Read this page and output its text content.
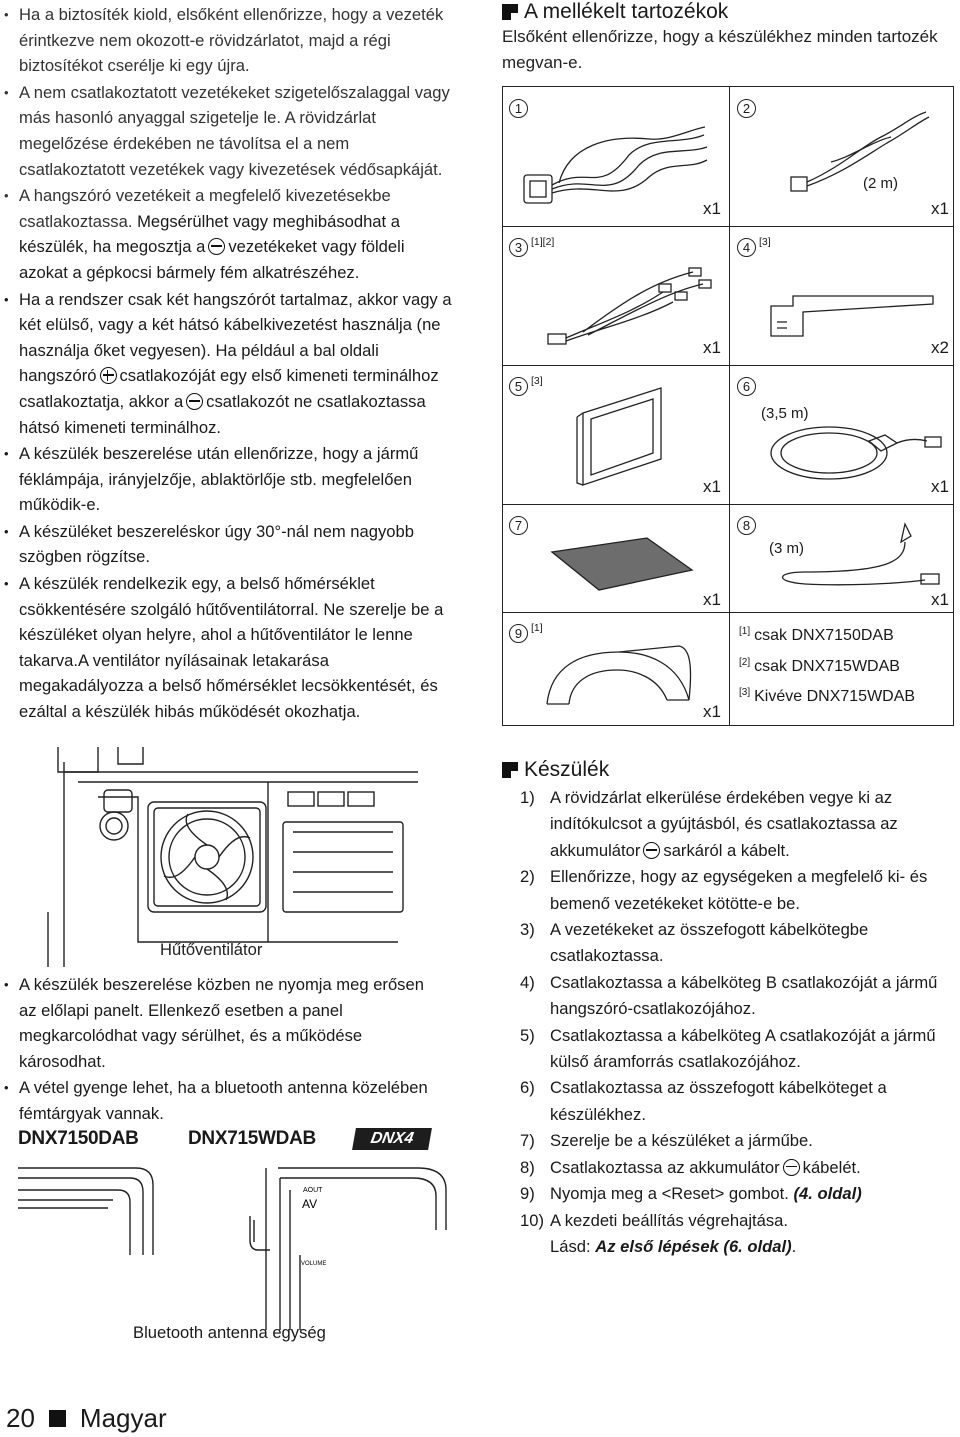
• Ha a biztosíték kiold, elsőként ellenőrizze, hogy a vezeték érintkezve nem okozott-e rövidzárlatot, majd a régi biztosítékot cserélje ki egy újra.
• A nem csatlakoztatott vezetékeket szigetelőszalaggal vagy más hasonló anyaggal szigetelje le. A rövidzárlat megelőzése érdekében ne távolítsa el a nem csatlakoztatott vezetékek vagy kivezetések védősapkáját.
• A hangszóró vezetékeit a megfelelő kivezetésekbe csatlakoztassa. Megsérülhet vagy meghibásodhat a készülék, ha megosztja a vezetékeket vagy földeli azokat a gépkocsi bármely fém alkatrészéhez.
• Ha a rendszer csak két hangszórót tartalmaz, akkor vagy a két elülső, vagy a két hátsó kábelkivezetést használja (ne használja őket vegyesen). Ha például a bal oldali hangszóró csatlakozóját egy első kimeneti terminálhoz csatlakoztatja, akkor a csatlakozót ne csatlakoztassa hátsó kimeneti terminálhoz.
• A készülék beszerelése után ellenőrizze, hogy a jármű féklámpája, irányjelzője, ablaktörlője stb. megfelelően működik-e.
• A készüléket beszereléskor úgy 30°-nál nem nagyobb szögben rögzítse.
• A készülék rendelkezik egy, a belső hőmérséklet csökkentésére szolgáló hűtőventilátorral. Ne szerelje be a készüléket olyan helyre, ahol a hűtőventilátor le lenne takarva.A ventilátor nyílásainak letakarása megakadályozza a belső hőmérséklet lecsökkentését, és ezáltal a készülék hibás működését okozhatja.
Hűtőventilátor
• A készülék beszerelése közben ne nyomja meg erősen az előlapi panelt. Ellenkező esetben a panel megkarcolódhat vagy sérülhet, és a működése károsodhat.
• A vétel gyenge lehet, ha a bluetooth antenna közelében fémtárgyak vannak.
DNX7150DAB	DNX715WDAB	DNX4
AOUT
AV
VOLUME
Bluetooth antenna egység
20 Magyar
A mellékelt tartozékok
Elsőként ellenőrizze, hogy a készülékhez minden tartozék megvan-e.
1
x1
2
(2 m)
x1
3 [1][2]
x1
4 [3]
x2
5 [3]
x1
6
(3,5 m)
x1
7
x1
8
(3 m)
x1
9 [1]
x1
[1] csak DNX7150DAB
[2] csak DNX715WDAB
[3] Kivéve DNX715WDAB
Készülék
1) A rövidzárlat elkerülése érdekében vegye ki az indítókulcsot a gyújtásból, és csatlakoztassa az akkumulátor sarkáról a kábelt.
2) Ellenőrizze, hogy az egységeken a megfelelő ki- és bemenő vezetékeket kötötte-e be.
3) A vezetékeket az összefogott kábelkötegbe csatlakoztassa.
4) Csatlakoztassa a kábelköteg B csatlakozóját a jármű hangszóró-csatlakozójához.
5) Csatlakoztassa a kábelköteg A csatlakozóját a jármű külső áramforrás csatlakozójához.
6) Csatlakoztassa az összefogott kábelköteget a készülékhez.
7) Szerelje be a készüléket a járműbe.
8) Csatlakoztassa az akkumulátor kábelét.
9) Nyomja meg a <Reset> gombot. (4. oldal)
10) A kezdeti beállítás végrehajtása.
Lásd: Az első lépések (6. oldal).
